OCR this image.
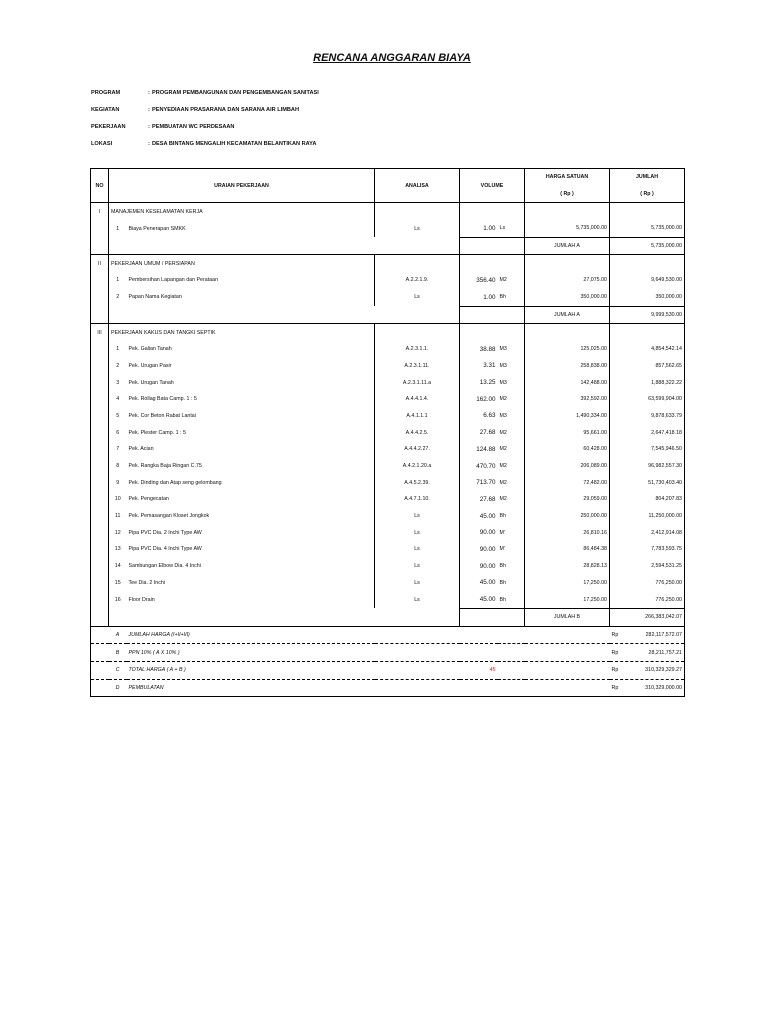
RENCANA ANGGARAN BIAYA
PROGRAM	: PROGRAM PEMBANGUNAN DAN PENGEMBANGAN SANITASI
KEGIATAN	: PENYEDIAAN PRASARANA DAN SARANA AIR LIMBAH
PEKERJAAN	: PEMBUATAN WC PERDESAAN
LOKASI	: DESA BINTANG MENGALIH KECAMATAN BELANTIKAN RAYA
NO	URAIAN PEKERJAAN		ANALISA	VOLUME		HARGA SATUAN	JUMLAH
						( Rp )	( Rp )
I	MANAJEMEN KESELAMATAN KERJA						
	1	Biaya Penerapan SMKK	Ls	1.00	Ls	5,735,000.00	5,735,000.00
						JUMLAH A	5,735,000.00
II	PEKERJAAN UMUM / PERSIAPAN						
	1	Pembersihan Lapangan dan Perataan	A.2.2.1.9.	356.40	M2	27,075.00	9,649,530.00
	2	Papan Nama Kegiatan	Ls	1.00	Bh	350,000.00	350,000.00
						JUMLAH A	9,999,530.00
III	PEKERJAAN KAKUS DAN TANGKI SEPTIK						
	1	Pek. Galian Tanah	A.2.3.1.1.	38.88	M3	125,025.00	4,854,542.14
	2	Pek. Urugan Pasir	A.2.3.1.11.	3.31	M3	258,838.00	857,562.65
	3	Pek. Urugan Tanah	A.2.3.1.11.a	13.25	M3	142,488.00	1,888,322.22
	4	Pek. Rollag Bata Camp. 1 : 5	A.4.4.1.4.	162.00	M2	392,592.00	63,599,904.00
	5	Pek. Cor Beton Rabat Lantai	A.4.1.1.1	6.63	M3	1,490,334.00	9,878,633.79
	6	Pek. Plester Camp. 1 : 5	A.4.4.2.5.	27.68	M2	95,661.00	2,647,418.18
	7	Pek. Acian	A.4.4.2.27.	124.88	M2	60,428.00	7,545,946.50
	8	Pek. Rangka Baja Ringan C.75	A.4.2.1.20.a	470.70	M2	206,089.00	96,982,557.30
	9	Pek. Dinding dan Atap seng gelombang	A.4.5.2.39.	713.70	M2	72,482.00	51,730,403.40
	10	Pek. Pengecatan	A.4.7.1.10.	27.68	M2	29,059.00	804,207.83
	11	Pek. Pemasangan Kloset Jongkok	Ls	45.00	Bh	250,000.00	11,250,000.00
	12	Pipa PVC Dia. 2 Inchi Type AW	Ls	90.00	M'	26,810.16	2,412,914.08
	13	Pipa PVC Dia. 4 Inchi Type AW	Ls	90.00	M'	86,484.38	7,783,593.75
	14	Sambungan Elbow Dia. 4 Inchi	Ls	90.00	Bh	28,828.13	2,594,531.25
	15	Tee Dia. 2 Inchi	Ls	45.00	Bh	17,250.00	776,250.00
	16	Floor Drain	Ls	45.00	Bh	17,250.00	776,250.00
						JUMLAH B	266,383,042.07
	A	JUMLAH HARGA (I+II+III)					Rp 282,117,572.07

	B	PPN 10% ( A X 10% )					Rp 28,211,757.21

	C	TOTAL HARGA ( A + B )		45			Rp 310,329,329.27

	D	PEMBULATAN					Rp 310,329,000.00
